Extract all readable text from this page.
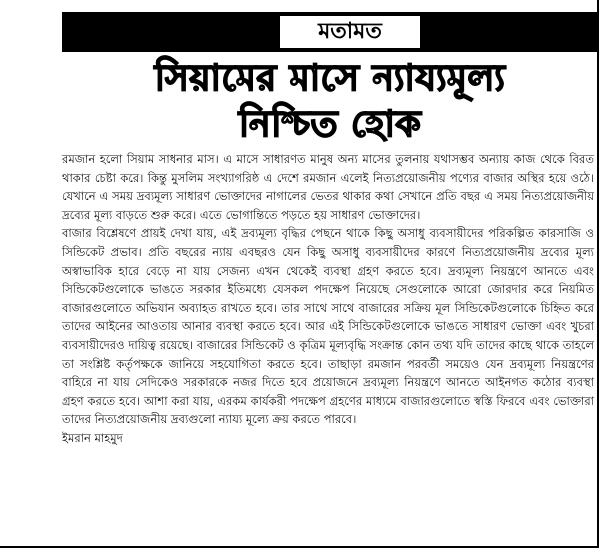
মতামত
সিয়ামের মাসে ন্যায্যমূল্য
নিশ্চিত হোক

রমজান হলো সিয়াম সাধনার মাস। এ মাসে সাধারণত মানুষ অন্য মাসের তুলনায় যথাসম্ভব অন্যায় কাজ থেকে বিরত থাকার চেষ্টা করে। কিন্তু মুসলিম সংখ্যাগরিষ্ঠ এ দেশে রমজান এলেই নিত্যপ্রয়োজনীয় পণ্যের বাজার অস্থির হয়ে ওঠে। যেখানে এ সময় দ্রব্যমূল্য সাধারণ ভোক্তাদের নাগালের ভেতর থাকার কথা সেখানে প্রতি বছর এ সময় নিত্যপ্রয়োজনীয় দ্রব্যের মূল্য বাড়তে শুরু করে। এতে ভোগান্তিতে পড়তে হয় সাধারণ ভোক্তাদের।

বাজার বিশ্লেষণে প্রায়ই দেখা যায়, এই দ্রব্যমূল্য বৃদ্ধির পেছনে থাকে কিছু অসাধু ব্যবসায়ীদের পরিকল্পিত কারসাজি ও সিন্ডিকেট প্রভাব। প্রতি বছরের ন্যায় এবছরও যেন কিছু অসাধু ব্যবসায়ীদের কারণে নিত্যপ্রয়োজনীয় দ্রব্যের মূল্য অস্বাভাবিক হারে বেড়ে না যায় সেজন্য এখন থেকেই ব্যবস্থা গ্রহণ করতে হবে। দ্রব্যমূল্য নিয়ন্ত্রণে আনতে এবং সিন্ডিকেটগুলোকে ভাঙতে সরকার ইতিমধ্যে যেসকল পদক্ষেপ নিয়েছে সেগুলোকে আরো জোরদার করে নিয়মিত বাজারগুলোতে অভিযান অব্যাহত রাখতে হবে। তার সাথে সাথে বাজারের সক্রিয় মূল সিন্ডিকেটগুলোকে চিহ্নিত করে তাদের আইনের আওতায় আনার ব্যবস্থা করতে হবে। আর এই সিন্ডিকেটগুলোকে ভাঙতে সাধারণ ভোক্তা এবং খুচরা ব্যবসায়ীদেরও দায়িত্ব রয়েছে। বাজারের সিন্ডিকেট ও কৃত্রিম মূল্যবৃদ্ধি সংক্রান্ত কোন তথ্য যদি তাদের কাছে থাকে তাহলে তা সংশ্লিষ্ট কর্তৃপক্ষকে জানিয়ে সহযোগিতা করতে হবে। তাছাড়া রমজান পরবর্তী সময়েও যেন দ্রব্যমূল্য নিয়ন্ত্রণের বাহিরে না যায় সেদিকেও সরকারকে নজর দিতে হবে প্রয়োজনে দ্রব্যমূল্য নিয়ন্ত্রণে আনতে আইনগত কঠোর ব্যবস্থা গ্রহণ করতে হবে। আশা করা যায়, এরকম কার্যকরী পদক্ষেপ গ্রহণের মাধ্যমে বাজারগুলোতে স্বস্তি ফিরবে এবং ভোক্তারা তাদের নিত্যপ্রয়োজনীয় দ্রব্যগুলো ন্যায্য মূল্যে ক্রয় করতে পারবে।

ইমরান মাহমুদ
